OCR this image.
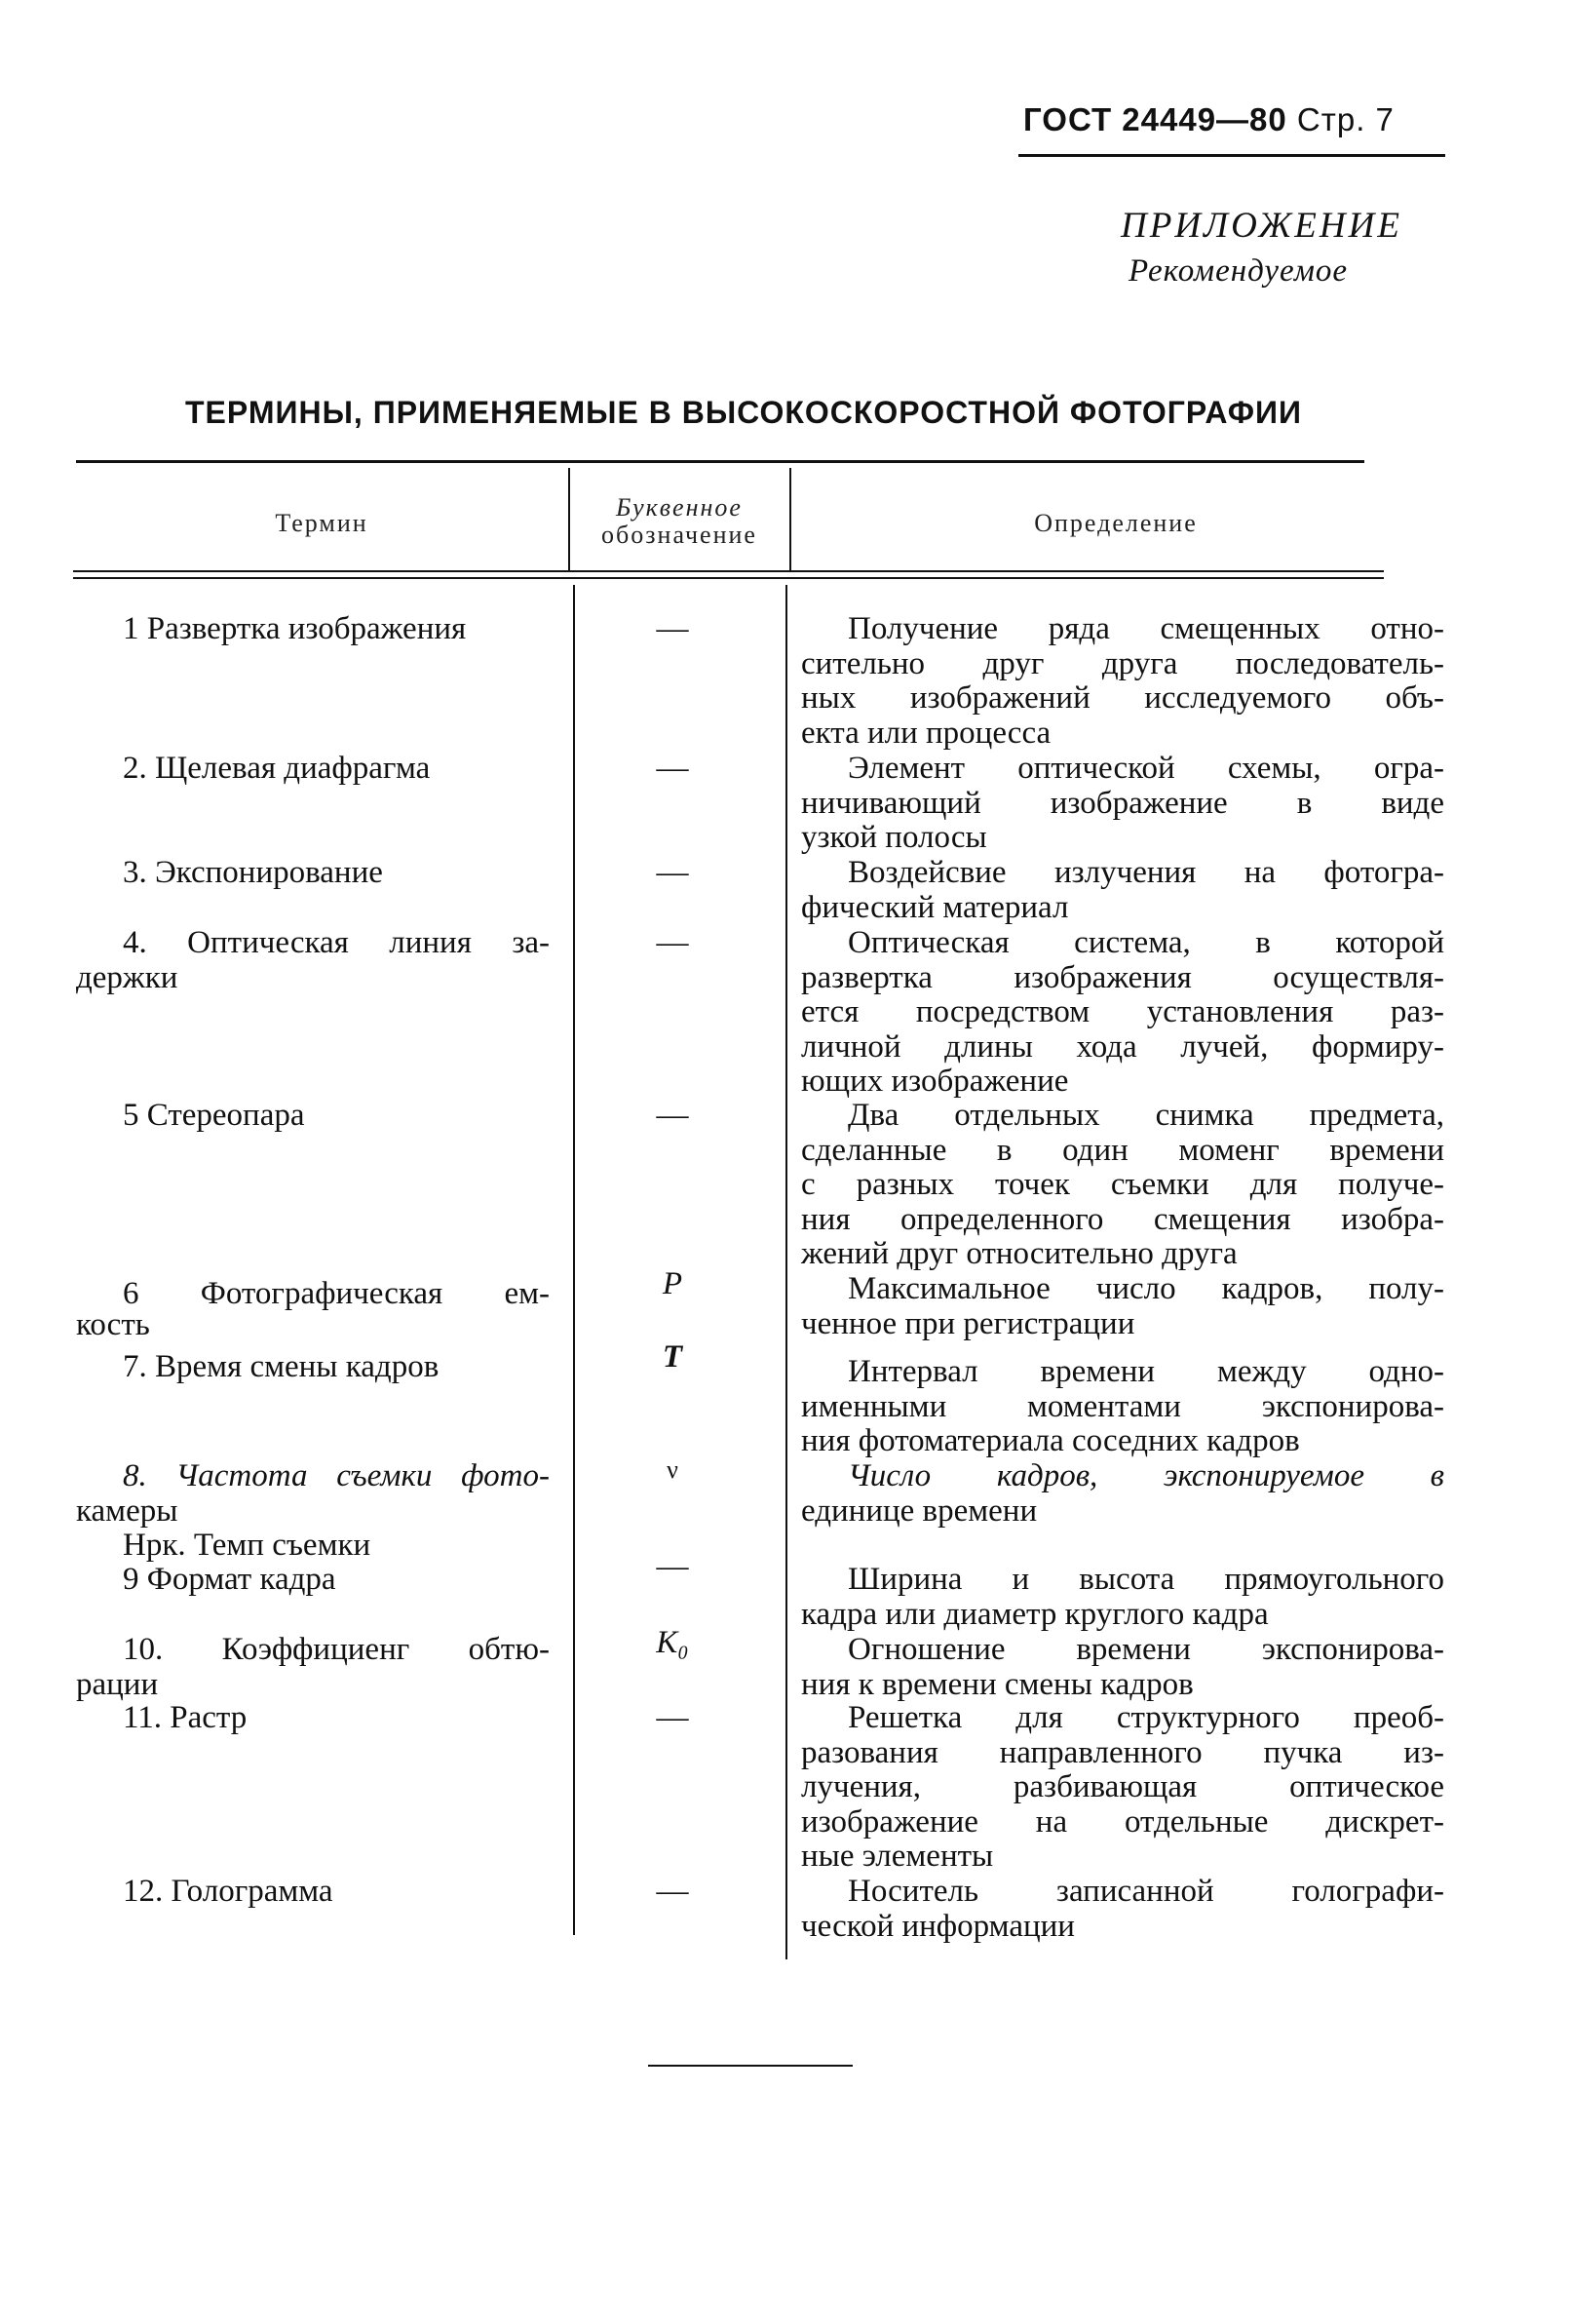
ГОСТ 24449—80 Стр. 7
ПРИЛОЖЕНИЕ
Рекомендуемое
ТЕРМИНЫ, ПРИМЕНЯЕМЫЕ В ВЫСОКОСКОРОСТНОЙ ФОТОГРАФИИ
Термин
Буквенное
обозначение	Определение
1 Развертка изображения	—	Получение ряда смещенных отно-
сительно друг друга последователь-
ных изображений исследуемого объ-
екта или процесса
2. Щелевая диафрагма	—	Элемент оптической схемы, огра-
ничивающий изображение в виде
узкой полосы
3. Экспонирование	—	Воздейсвие излучения на фотогра-
фический материал
4. Оптическая линия за-
держки
—	Оптическая система, в которой
развертка изображения осуществля-
ется посредством установления раз-
личной длины хода лучей, формиру-
ющих изображение
5 Стереопара	—	Два отдельных снимка предмета,
сделанные в один моменг времени
с разных точек съемки для получе-
ния определенного смещения изобра-
жений друг относительно друга
6 Фотографическая ем-
кость
P	Максимальное число кадров, полу-
ченное при регистрации
7. Время смены кадров	T	Интервал времени между одно-
именными моментами экспонирова-
ния фотоматериала соседних кадров
8. Частота съемки фото-
камеры
Нрк. Темп съемки
ν	Число кадров, экспонируемое в
единице времени
9 Формат кадра	—	Ширина и высота прямоугольного
кадра или диаметр круглого кадра
10. Коэффициенг обтю-
рации
K₀	Огношение времени экспонирова-
ния к времени смены кадров
11. Растр	—	Решетка для структурного преоб-
разования направленного пучка из-
лучения, разбивающая оптическое
изображение на отдельные дискрет-
ные элементы
12. Голограмма	—	Носитель записанной голографи-
ческой информации
